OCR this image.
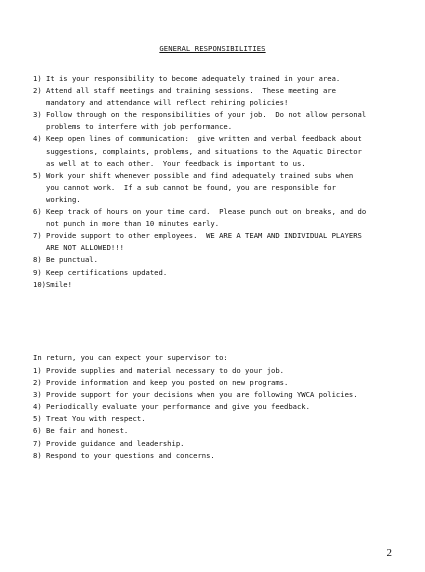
GENERAL RESPONSIBILITIES
1) It is your responsibility to become adequately trained in your area.
2) Attend all staff meetings and training sessions.  These meeting are
mandatory and attendance will reflect rehiring policies!
3) Follow through on the responsibilities of your job.  Do not allow personal
problems to interfere with job performance.
4) Keep open lines of communication:  give written and verbal feedback about
suggestions, complaints, problems, and situations to the Aquatic Director
as well at to each other.  Your feedback is important to us.
5) Work your shift whenever possible and find adequately trained subs when
you cannot work.  If a sub cannot be found, you are responsible for
working.
6) Keep track of hours on your time card.  Please punch out on breaks, and do
not punch in more than 10 minutes early.
7) Provide support to other employees.  WE ARE A TEAM AND INDIVIDUAL PLAYERS
ARE NOT ALLOWED!!!
8) Be punctual.
9) Keep certifications updated.
10) Smile!
In return, you can expect your supervisor to:
1) Provide supplies and material necessary to do your job.
2) Provide information and keep you posted on new programs.
3) Provide support for your decisions when you are following YWCA policies.
4) Periodically evaluate your performance and give you feedback.
5) Treat You with respect.
6) Be fair and honest.
7) Provide guidance and leadership.
8) Respond to your questions and concerns.
2
